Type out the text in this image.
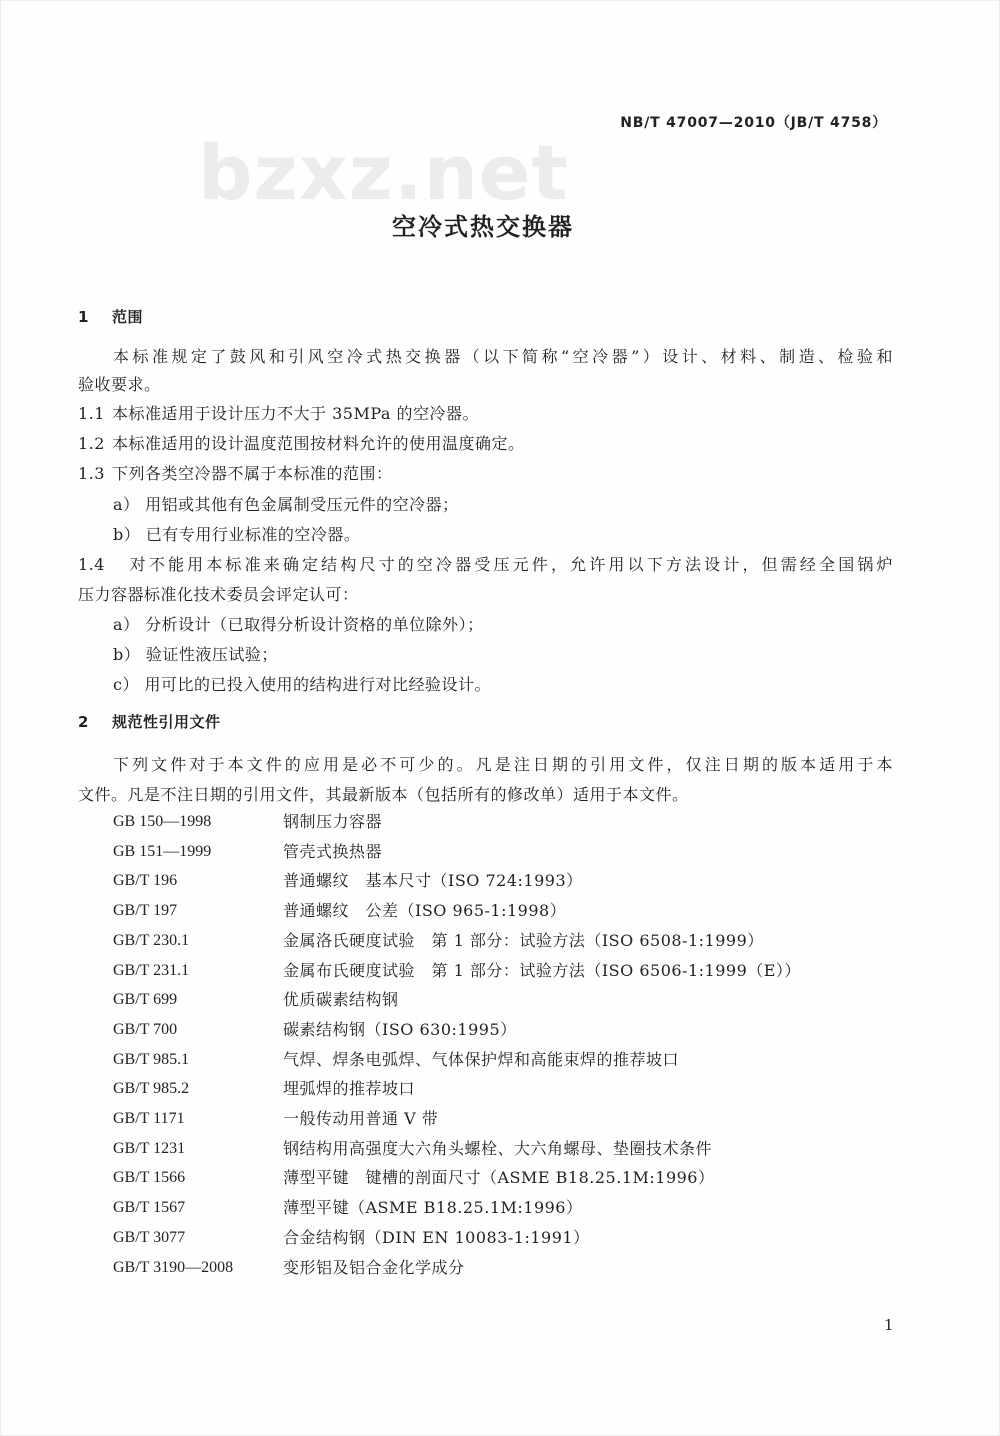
NB/T 47007—2010（JB/T 4758）
bzxz.net
空冷式热交换器
1 范围
本标准规定了鼓风和引风空冷式热交换器（以下简称“空冷器”）设计、材料、制造、检验和
验收要求。
1.1 本标准适用于设计压力不大于 35MPa 的空冷器。
1.2 本标准适用的设计温度范围按材料允许的使用温度确定。
1.3 下列各类空冷器不属于本标准的范围：
a） 用铝或其他有色金属制受压元件的空冷器；
b） 已有专用行业标准的空冷器。
1.4 对不能用本标准来确定结构尺寸的空冷器受压元件，允许用以下方法设计，但需经全国锅炉
压力容器标准化技术委员会评定认可：
a） 分析设计（已取得分析设计资格的单位除外）；
b） 验证性液压试验；
c） 用可比的已投入使用的结构进行对比经验设计。
2 规范性引用文件
下列文件对于本文件的应用是必不可少的。凡是注日期的引用文件，仅注日期的版本适用于本
文件。凡是不注日期的引用文件，其最新版本（包括所有的修改单）适用于本文件。
GB 150—1998	钢制压力容器
GB 151—1999	管壳式换热器
GB/T 196	普通螺纹　基本尺寸（ISO 724:1993）
GB/T 197	普通螺纹　公差（ISO 965-1:1998）
GB/T 230.1	金属洛氏硬度试验　第 1 部分：试验方法（ISO 6508-1:1999）
GB/T 231.1	金属布氏硬度试验　第 1 部分：试验方法（ISO 6506-1:1999（E））
GB/T 699	优质碳素结构钢
GB/T 700	碳素结构钢（ISO 630:1995）
GB/T 985.1	气焊、焊条电弧焊、气体保护焊和高能束焊的推荐坡口
GB/T 985.2	埋弧焊的推荐坡口
GB/T 1171	一般传动用普通 V 带
GB/T 1231	钢结构用高强度大六角头螺栓、大六角螺母、垫圈技术条件
GB/T 1566	薄型平键　键槽的剖面尺寸（ASME B18.25.1M:1996）
GB/T 1567	薄型平键（ASME B18.25.1M:1996）
GB/T 3077	合金结构钢（DIN EN 10083-1:1991）
GB/T 3190—2008	变形铝及铝合金化学成分
1
